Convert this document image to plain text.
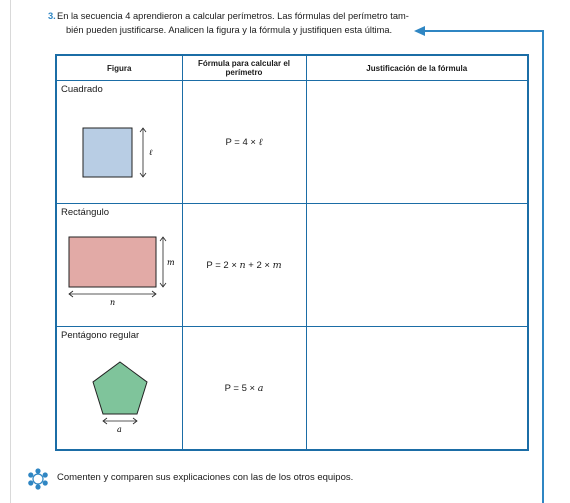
3. En la secuencia 4 aprendieron a calcular perímetros. Las fórmulas del perímetro tam-
bién pueden justificarse. Analicen la figura y la fórmula y justifiquen esta última.
Figura	Fórmula para calcular el perímetro	Justificación de la fórmula

Cuadrado
ℓ	P = 4 × ℓ	

Rectángulo
m
n	P = 2 × n + 2 × m	

Pentágono regular
a	P = 5 × a	
Comenten y comparen sus explicaciones con las de los otros equipos.
